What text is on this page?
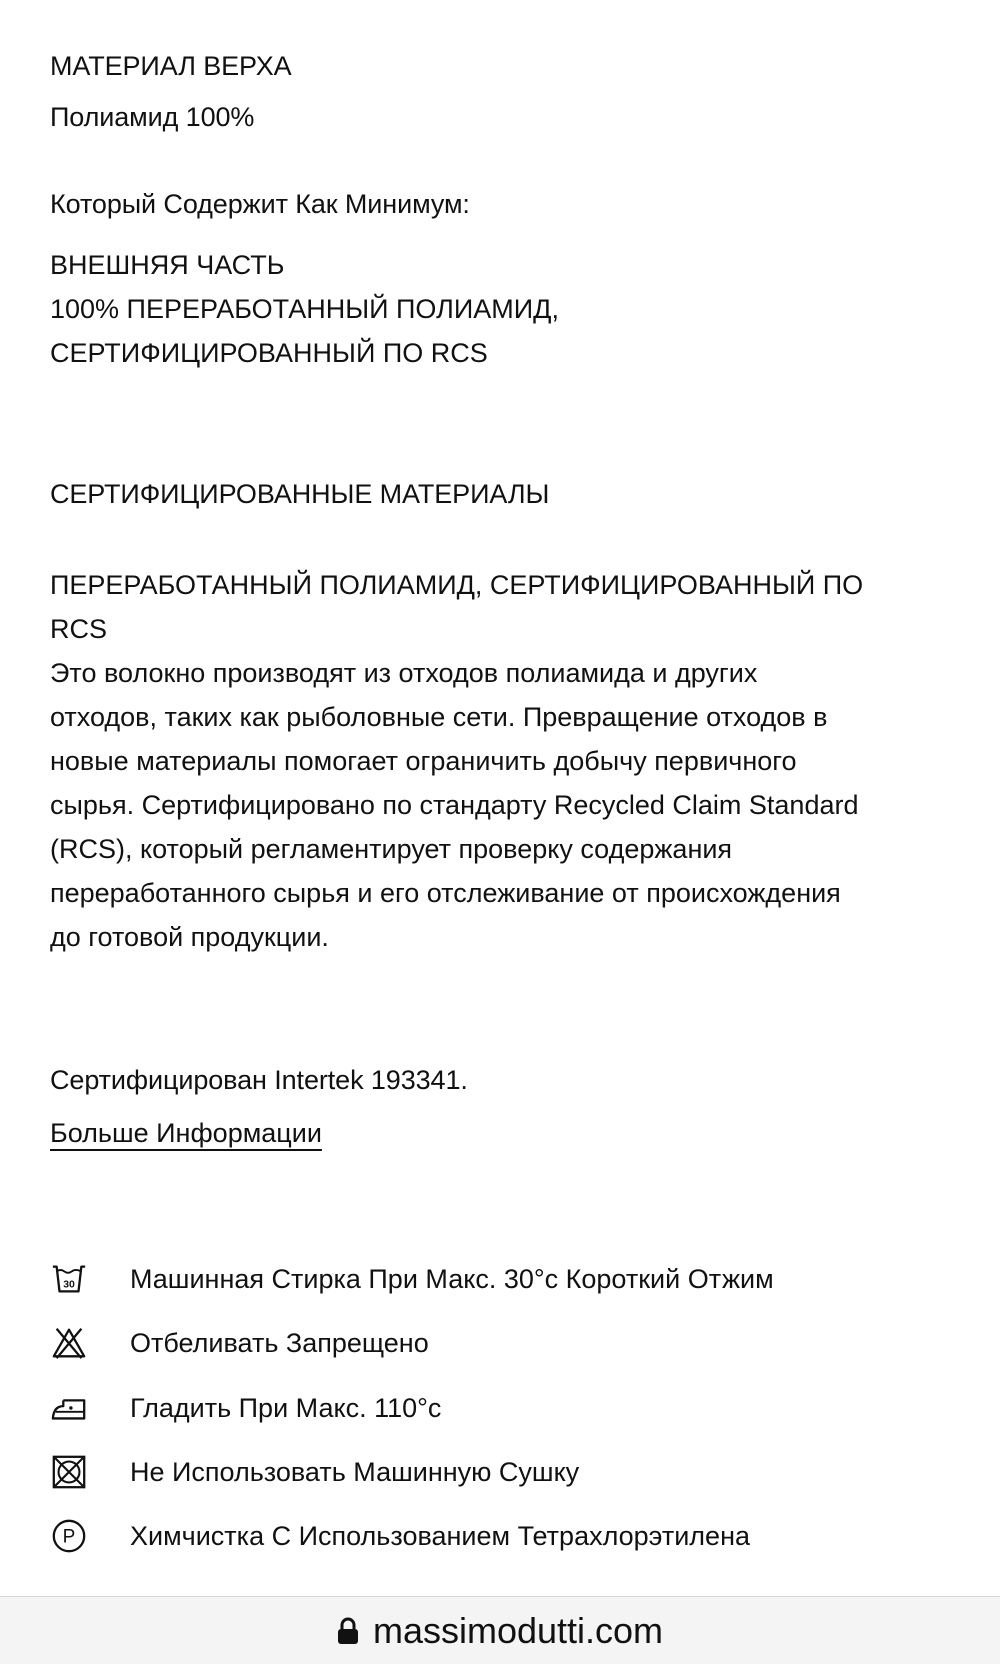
МАТЕРИАЛ ВЕРХА
Полиамид 100%
Который Содержит Как Минимум:
ВНЕШНЯЯ ЧАСТЬ
100% ПЕРЕРАБОТАННЫЙ ПОЛИАМИД,
СЕРТИФИЦИРОВАННЫЙ ПО RCS
СЕРТИФИЦИРОВАННЫЕ МАТЕРИАЛЫ
ПЕРЕРАБОТАННЫЙ ПОЛИАМИД, СЕРТИФИЦИРОВАННЫЙ ПО
RCS
Это волокно производят из отходов полиамида и других
отходов, таких как рыболовные сети. Превращение отходов в
новые материалы помогает ограничить добычу первичного
сырья. Сертифицировано по стандарту Recycled Claim Standard
(RCS), который регламентирует проверку содержания
переработанного сырья и его отслеживание от происхождения
до готовой продукции.
Сертифицирован Intertek 193341.
Больше Информации
30 Машинная Стирка При Макс. 30°c Короткий Отжим
Отбеливать Запрещено
Гладить При Макс. 110°c
Не Использовать Машинную Сушку
P Химчистка С Использованием Тетрахлорэтилена
massimodutti.com
